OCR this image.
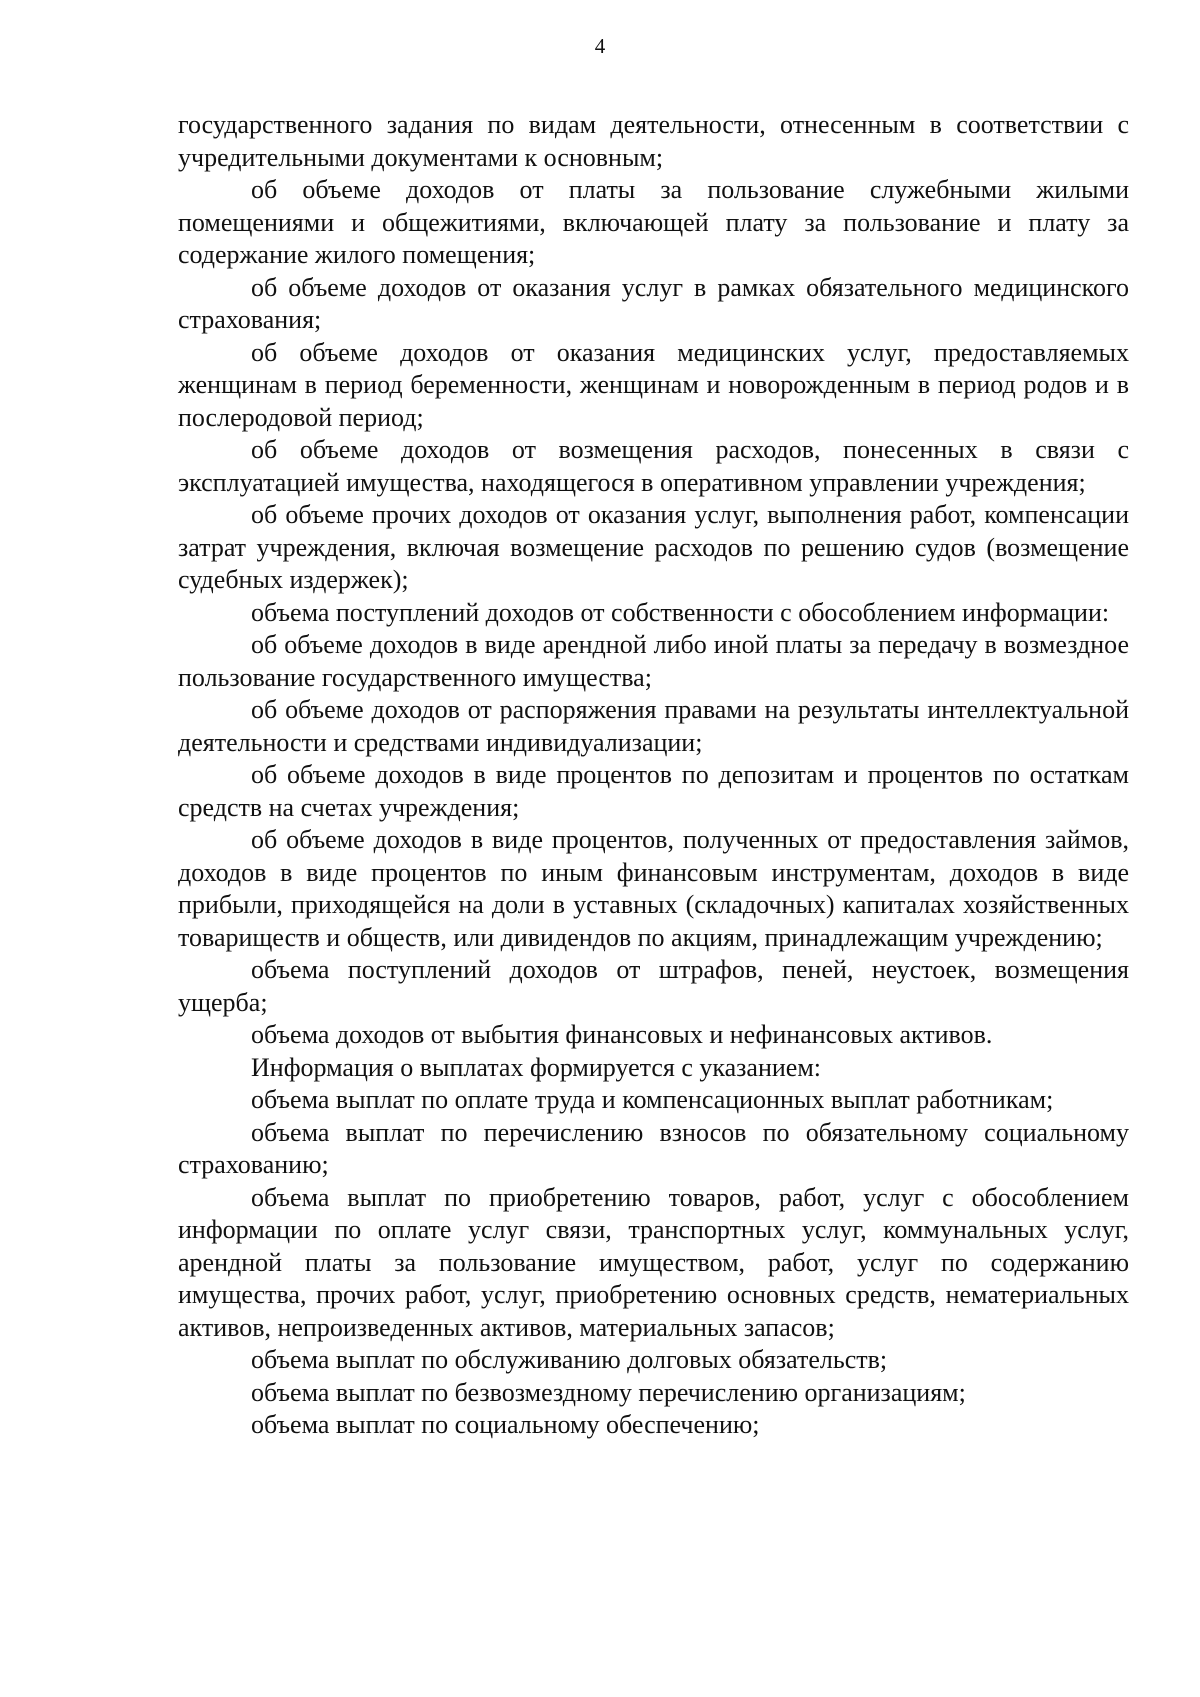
4

государственного задания по видам деятельности, отнесенным в соответствии с учредительными документами к основным;

об объеме доходов от платы за пользование служебными жилыми помещениями и общежитиями, включающей плату за пользование и плату за содержание жилого помещения;

об объеме доходов от оказания услуг в рамках обязательного медицинского страхования;

об объеме доходов от оказания медицинских услуг, предоставляемых женщинам в период беременности, женщинам и новорожденным в период родов и в послеродовой период;

об объеме доходов от возмещения расходов, понесенных в связи с эксплуатацией имущества, находящегося в оперативном управлении учреждения;

об объеме прочих доходов от оказания услуг, выполнения работ, компенсации затрат учреждения, включая возмещение расходов по решению судов (возмещение судебных издержек);

объема поступлений доходов от собственности с обособлением информации:

об объеме доходов в виде арендной либо иной платы за передачу в возмездное пользование государственного имущества;

об объеме доходов от распоряжения правами на результаты интеллектуальной деятельности и средствами индивидуализации;

об объеме доходов в виде процентов по депозитам и процентов по остаткам средств на счетах учреждения;

об объеме доходов в виде процентов, полученных от предоставления займов, доходов в виде процентов по иным финансовым инструментам, доходов в виде прибыли, приходящейся на доли в уставных (складочных) капиталах хозяйственных товариществ и обществ, или дивидендов по акциям, принадлежащим учреждению;

объема поступлений доходов от штрафов, пеней, неустоек, возмещения ущерба;

объема доходов от выбытия финансовых и нефинансовых активов.

Информация о выплатах формируется с указанием:

объема выплат по оплате труда и компенсационных выплат работникам;

объема выплат по перечислению взносов по обязательному социальному страхованию;

объема выплат по приобретению товаров, работ, услуг с обособлением информации по оплате услуг связи, транспортных услуг, коммунальных услуг, арендной платы за пользование имуществом, работ, услуг по содержанию имущества, прочих работ, услуг, приобретению основных средств, нематериальных активов, непроизведенных активов, материальных запасов;

объема выплат по обслуживанию долговых обязательств;

объема выплат по безвозмездному перечислению организациям;

объема выплат по социальному обеспечению;
